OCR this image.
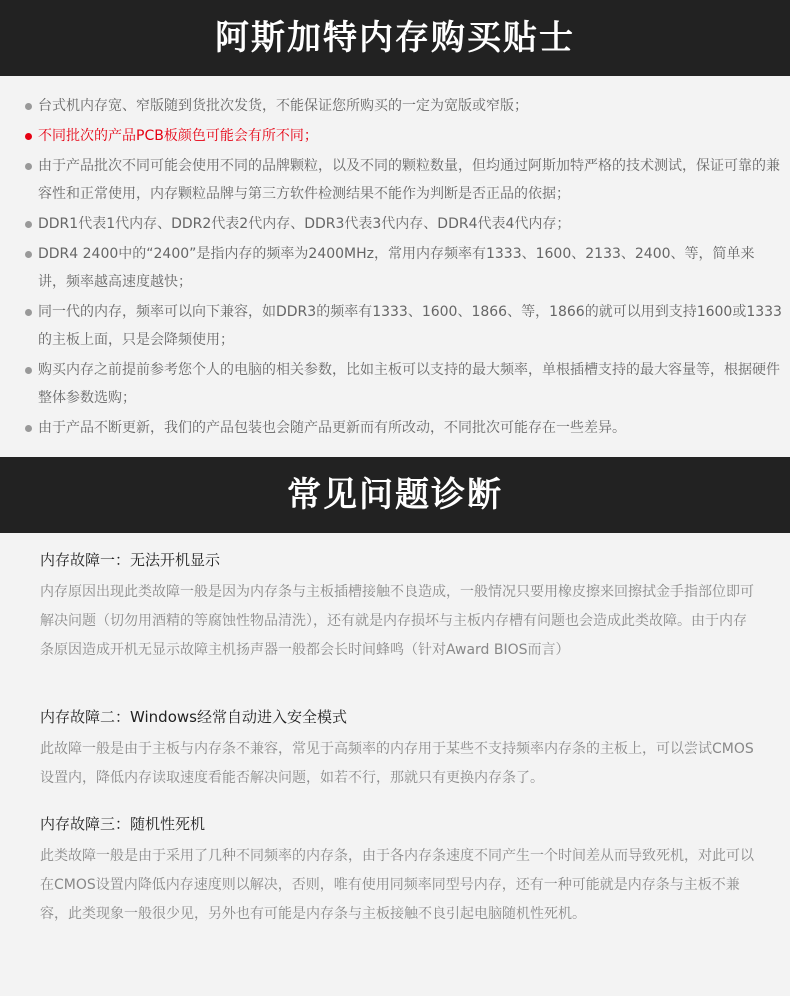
阿斯加特内存购买贴士
台式机内存宽、窄版随到货批次发货，不能保证您所购买的一定为宽版或窄版；
不同批次的产品PCB板颜色可能会有所不同；
由于产品批次不同可能会使用不同的品牌颗粒，以及不同的颗粒数量，但均通过阿斯加特严格的技术测试，保证可靠的兼容性和正常使用，内存颗粒品牌与第三方软件检测结果不能作为判断是否正品的依据；
DDR1代表1代内存、DDR2代表2代内存、DDR3代表3代内存、DDR4代表4代内存；
DDR4 2400中的“2400”是指内存的频率为2400MHz，常用内存频率有1333、1600、2133、2400、等，简单来讲，频率越高速度越快；
同一代的内存，频率可以向下兼容，如DDR3的频率有1333、1600、1866、等，1866的就可以用到支持1600或1333的主板上面，只是会降频使用；
购买内存之前提前参考您个人的电脑的相关参数，比如主板可以支持的最大频率，单根插槽支持的最大容量等，根据硬件整体参数选购；
由于产品不断更新，我们的产品包装也会随产品更新而有所改动，不同批次可能存在一些差异。
常见问题诊断
内存故障一：无法开机显示

内存原因出现此类故障一般是因为内存条与主板插槽接触不良造成，一般情况只要用橡皮擦来回擦拭金手指部位即可解决问题（切勿用酒精的等腐蚀性物品清洗），还有就是内存损坏与主板内存槽有问题也会造成此类故障。由于内存条原因造成开机无显示故障主机扬声器一般都会长时间蜂鸣（针对Award BIOS而言）

内存故障二：Windows经常自动进入安全模式

此故障一般是由于主板与内存条不兼容，常见于高频率的内存用于某些不支持频率内存条的主板上，可以尝试CMOS设置内，降低内存读取速度看能否解决问题，如若不行，那就只有更换内存条了。

内存故障三：随机性死机

此类故障一般是由于采用了几种不同频率的内存条，由于各内存条速度不同产生一个时间差从而导致死机，对此可以在CMOS设置内降低内存速度则以解决，否则，唯有使用同频率同型号内存，还有一种可能就是内存条与主板不兼容，此类现象一般很少见，另外也有可能是内存条与主板接触不良引起电脑随机性死机。
